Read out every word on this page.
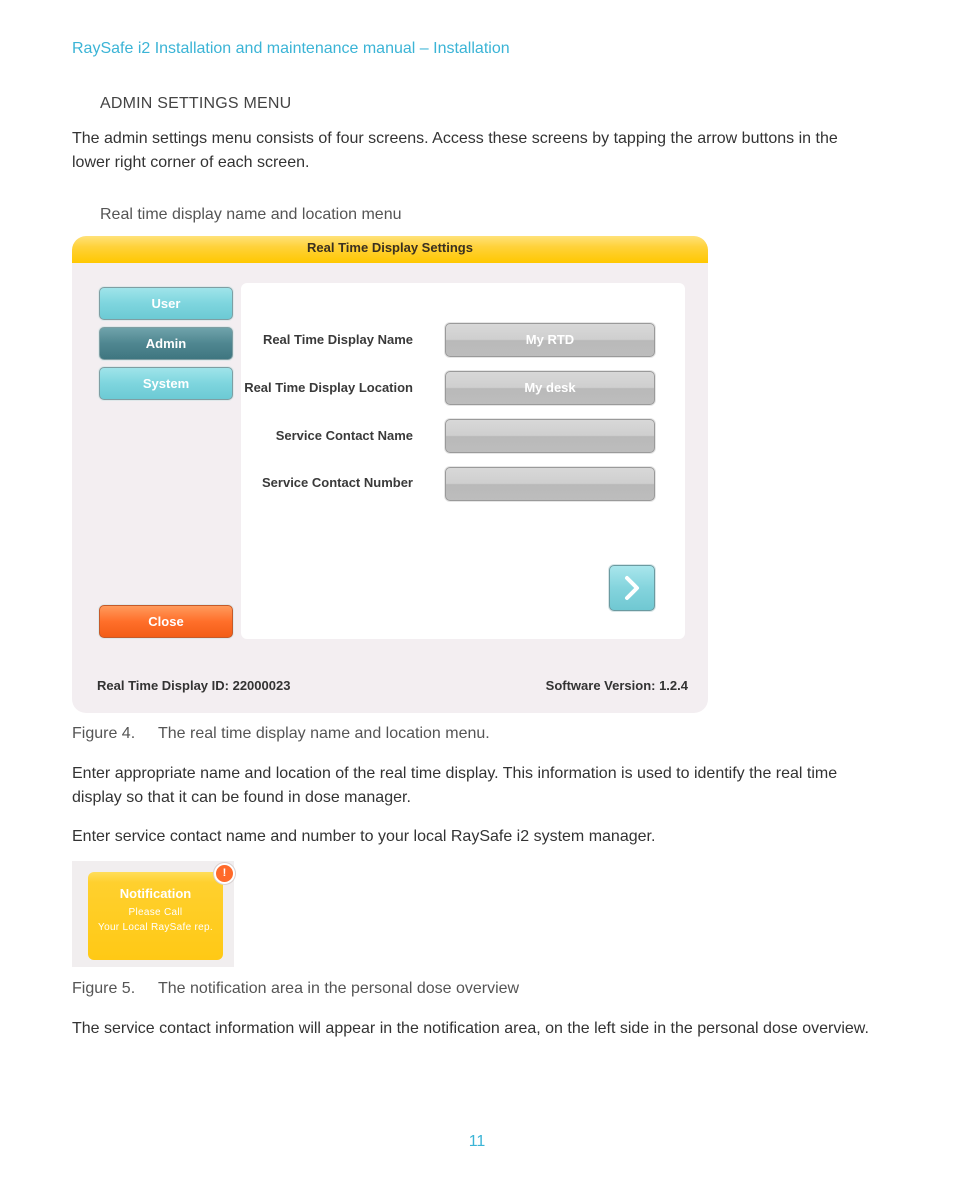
RaySafe i2 Installation and maintenance manual – Installation
ADMIN SETTINGS MENU
The admin settings menu consists of four screens. Access these screens by tapping the arrow buttons in the lower right corner of each screen.
Real time display name and location menu
Real Time Display Settings
User
Admin
System
Close
Real Time Display Name	My RTD
Real Time Display Location	My desk
Service Contact Name
Service Contact Number
Real Time Display ID: 22000023	Software Version: 1.2.4
Figure 4. The real time display name and location menu.
Enter appropriate name and location of the real time display. This information is used to identify the real time display so that it can be found in dose manager.
Enter service contact name and number to your local RaySafe i2 system manager.
Notification
Please Call
Your Local RaySafe rep.
!
Figure 5. The notification area in the personal dose overview
The service contact information will appear in the notification area, on the left side in the personal dose overview.
11
